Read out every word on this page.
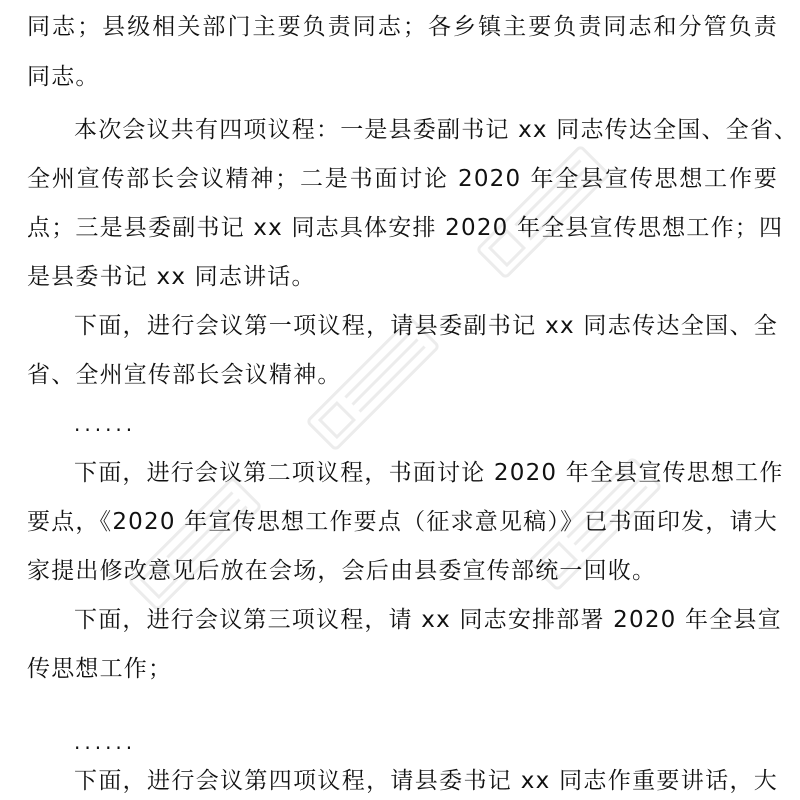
同志；县级相关部门主要负责同志；各乡镇主要负责同志和分管负责
同志。
本次会议共有四项议程：一是县委副书记 xx 同志传达全国、全省、
全州宣传部长会议精神；二是书面讨论 2020 年全县宣传思想工作要
点；三是县委副书记 xx 同志具体安排 2020 年全县宣传思想工作；四
是县委书记 xx 同志讲话。
下面，进行会议第一项议程，请县委副书记 xx 同志传达全国、全
省、全州宣传部长会议精神。
......
下面，进行会议第二项议程，书面讨论 2020 年全县宣传思想工作
要点，《2020 年宣传思想工作要点（征求意见稿）》已书面印发，请大
家提出修改意见后放在会场，会后由县委宣传部统一回收。
下面，进行会议第三项议程，请 xx 同志安排部署 2020 年全县宣
传思想工作；
......
下面，进行会议第四项议程，请县委书记 xx 同志作重要讲话，大
